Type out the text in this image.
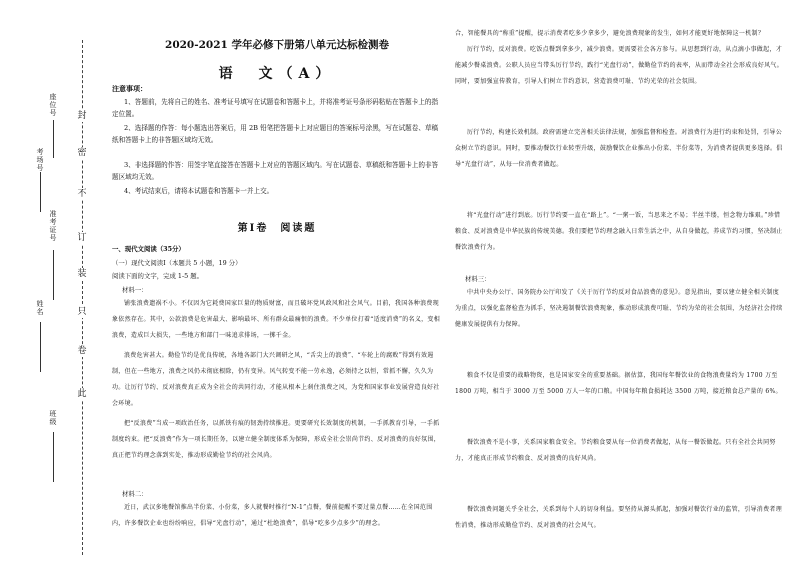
封
密
不
订
装
只
卷
此
座位号
考场号
准考证号
姓名
班级
2020-2021 学年必修下册第八单元达标检测卷
语　文（A）
注意事项：
1、答题前，先将自己的姓名、准考证号填写在试题卷和答题卡上，并将准考证号条形码粘贴在答题卡上的指定位置。
2、选择题的作答：每小题选出答案后，用 2B 铅笔把答题卡上对应题目的答案标号涂黑，写在试题卷、草稿纸和答题卡上的非答题区域均无效。
3、非选择题的作答：用签字笔直接答在答题卡上对应的答题区域内。写在试题卷、草稿纸和答题卡上的非答题区域均无效。
4、考试结束后，请将本试题卷和答题卡一并上交。
第Ⅰ卷　阅读题
一、现代文阅读（35分）
（一）现代文阅读Ⅰ（本题共 5 小题，19 分）
阅读下面的文字，完成 1-5 题。
材料一：
铺张浪费遗祸不小。不仅因为它耗费国家巨量的物质财富，而且破坏党风政风和社会风气。目前，我国各种浪费现象依然存在。其中，公款浪费是危害最大、影响最坏、所有群众最痛恨的浪费。不少单位打着“适度消费”的名义，变相浪费，造成巨大损失，一些地方和部门一味追求排场，一掷千金。
浪费危害甚大。勤俭节约是优良传统，各地各部门大兴调研之风，“舌尖上的浪费”、“车轮上的腐败”得到有效遏制，但在一些地方，浪费之风仍未彻底根除，仍有变异。风气转变不能一劳永逸，必须持之以恒，常抓不懈，久久为功。让厉行节约、反对浪费真正成为全社会的共同行动，才能从根本上刹住浪费之风，为党和国家事业发展营造良好社会环境。
把“反浪费”当成一项政治任务，以抓铁有痕的韧劲持续推进。更要研究长效制度的机制，一手抓教育引导，一手抓制度约束。把“反浪费”作为一项长期任务，以建立健全制度体系为保障，形成全社会崇尚节约、反对浪费的良好氛围，真正把节约理念落到实处，推动形成勤俭节约的社会风尚。
材料二：
近日，武汉多地餐馆推出半份菜、小份菜，多人就餐时推行“N-1”点餐，餐前提醒不要过量点餐……在全国范围内，许多餐饮企业也纷纷响应，倡导“光盘行动”，通过“杜绝浪费”，倡导“吃多少点多少”的理念。
合，智能餐具的“称重”提醒，提示消费者吃多少拿多少，避免浪费现象的发生，如何才能更好地保障这一机制？
厉行节约，反对浪费。吃饭点餐到拿多少，减少浪费。更需要社会各方参与。从思想到行动，从点滴小事做起，才能减少餐桌浪费。公职人员应当带头厉行节约，践行“光盘行动”，做勤俭节约的表率，从而带动全社会形成良好风气。同时，要加强宣传教育，引导人们树立节约意识，营造浪费可耻、节约光荣的社会氛围。
厉行节约，构建长效机制。政府需建立完善相关法律法规，加强监督和检查。对浪费行为进行约束和处罚，引导公众树立节约意识。同时，要推动餐饮行业转型升级，鼓励餐饮企业推出小份菜、半份菜等，为消费者提供更多选择。倡导“光盘行动”，从每一位消费者做起。
将“光盘行动”进行到底。厉行节约要一直在“路上”。“一粥一饭，当思来之不易；半丝半缕，恒念物力维艰。”珍惜粮食、反对浪费是中华民族的传统美德。我们要把节约理念融入日常生活之中，从自身做起，养成节约习惯，坚决制止餐饮浪费行为。
材料三：
中共中央办公厅、国务院办公厅印发了《关于厉行节约反对食品浪费的意见》。意见指出，要以建立健全相关制度为重点，以强化监督检查为抓手，坚决遏制餐饮浪费现象，推动形成浪费可耻、节约为荣的社会氛围，为经济社会持续健康发展提供有力保障。
粮食不仅是重要的战略物资，也是国家安全的重要基础。据估算，我国每年餐饮业的食物浪费量约为 1700 万至 1800 万吨，相当于 3000 万至 5000 万人一年的口粮。中国每年粮食损耗达 3500 万吨，接近粮食总产量的 6%。
餐饮浪费不是小事，关系国家粮食安全。节约粮食要从每一位消费者做起，从每一餐饭做起。只有全社会共同努力，才能真正形成节约粮食、反对浪费的良好风尚。
餐饮浪费问题关乎全社会，关系到每个人的切身利益。要坚持从源头抓起，加强对餐饮行业的监管，引导消费者理性消费，推动形成勤俭节约、反对浪费的社会风气。
